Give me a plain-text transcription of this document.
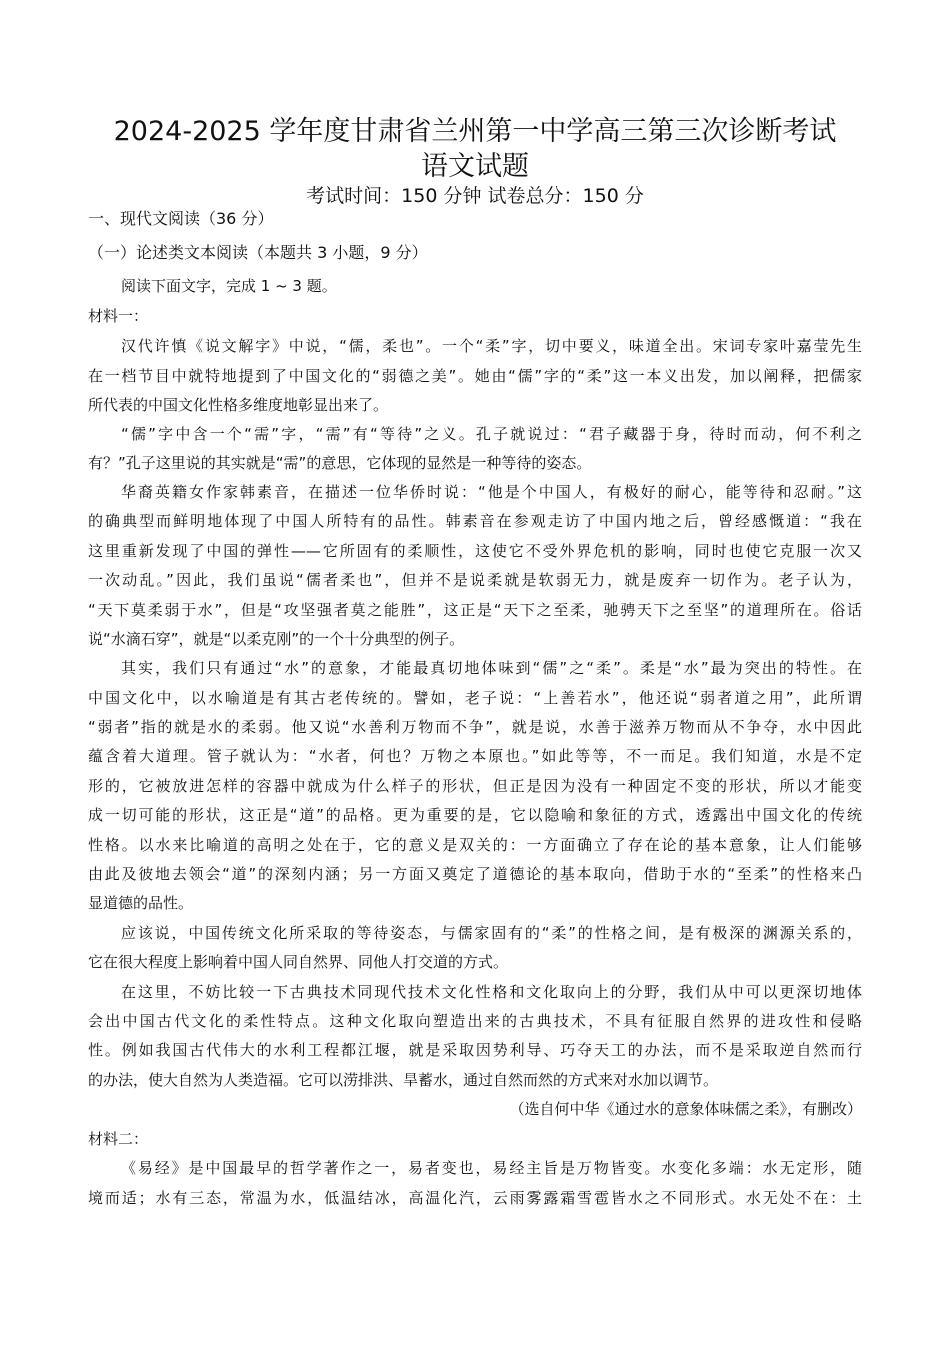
2024-2025 学年度甘肃省兰州第一中学高三第三次诊断考试
语文试题
考试时间：150 分钟 试卷总分：150 分
一、现代文阅读（36 分）
（一）论述类文本阅读（本题共 3 小题，9 分）
阅读下面文字，完成 1 ~ 3 题。
材料一：
汉代许慎《说文解字》中说，“儒，柔也”。一个“柔”字，切中要义，味道全出。宋词专家叶嘉莹先生
在一档节目中就特地提到了中国文化的“弱德之美”。她由“儒”字的“柔”这一本义出发，加以阐释，把儒家
所代表的中国文化性格多维度地彰显出来了。
“儒”字中含一个“需”字，“需”有“等待”之义。孔子就说过：“君子藏器于身，待时而动，何不利之
有？”孔子这里说的其实就是“需”的意思，它体现的显然是一种等待的姿态。
华裔英籍女作家韩素音，在描述一位华侨时说：“他是个中国人，有极好的耐心，能等待和忍耐。”这
的确典型而鲜明地体现了中国人所特有的品性。韩素音在参观走访了中国内地之后，曾经感慨道：“我在
这里重新发现了中国的弹性——它所固有的柔顺性，这使它不受外界危机的影响，同时也使它克服一次又
一次动乱。”因此，我们虽说“儒者柔也”，但并不是说柔就是软弱无力，就是废弃一切作为。老子认为，
“天下莫柔弱于水”，但是“攻坚强者莫之能胜”，这正是“天下之至柔，驰骋天下之至坚”的道理所在。俗话
说“水滴石穿”，就是“以柔克刚”的一个十分典型的例子。
其实，我们只有通过“水”的意象，才能最真切地体味到“儒”之“柔”。柔是“水”最为突出的特性。在
中国文化中，以水喻道是有其古老传统的。譬如，老子说：“上善若水”，他还说“弱者道之用”，此所谓
“弱者”指的就是水的柔弱。他又说“水善利万物而不争”，就是说，水善于滋养万物而从不争夺，水中因此
蕴含着大道理。管子就认为：“水者，何也？万物之本原也。”如此等等，不一而足。我们知道，水是不定
形的，它被放进怎样的容器中就成为什么样子的形状，但正是因为没有一种固定不变的形状，所以才能变
成一切可能的形状，这正是“道”的品格。更为重要的是，它以隐喻和象征的方式，透露出中国文化的传统
性格。以水来比喻道的高明之处在于，它的意义是双关的：一方面确立了存在论的基本意象，让人们能够
由此及彼地去领会“道”的深刻内涵；另一方面又奠定了道德论的基本取向，借助于水的“至柔”的性格来凸
显道德的品性。
应该说，中国传统文化所采取的等待姿态，与儒家固有的“柔”的性格之间，是有极深的渊源关系的，
它在很大程度上影响着中国人同自然界、同他人打交道的方式。
在这里，不妨比较一下古典技术同现代技术文化性格和文化取向上的分野，我们从中可以更深切地体
会出中国古代文化的柔性特点。这种文化取向塑造出来的古典技术，不具有征服自然界的进攻性和侵略
性。例如我国古代伟大的水利工程都江堰，就是采取因势利导、巧夺天工的办法，而不是采取逆自然而行
的办法，使大自然为人类造福。它可以涝排洪、旱蓄水，通过自然而然的方式来对水加以调节。
（选自何中华《通过水的意象体味儒之柔》，有删改）
材料二：
《易经》是中国最早的哲学著作之一，易者变也，易经主旨是万物皆变。水变化多端：水无定形，随
境而适；水有三态，常温为水，低温结冰，高温化汽，云雨雾露霜雪雹皆水之不同形式。水无处不在：土
